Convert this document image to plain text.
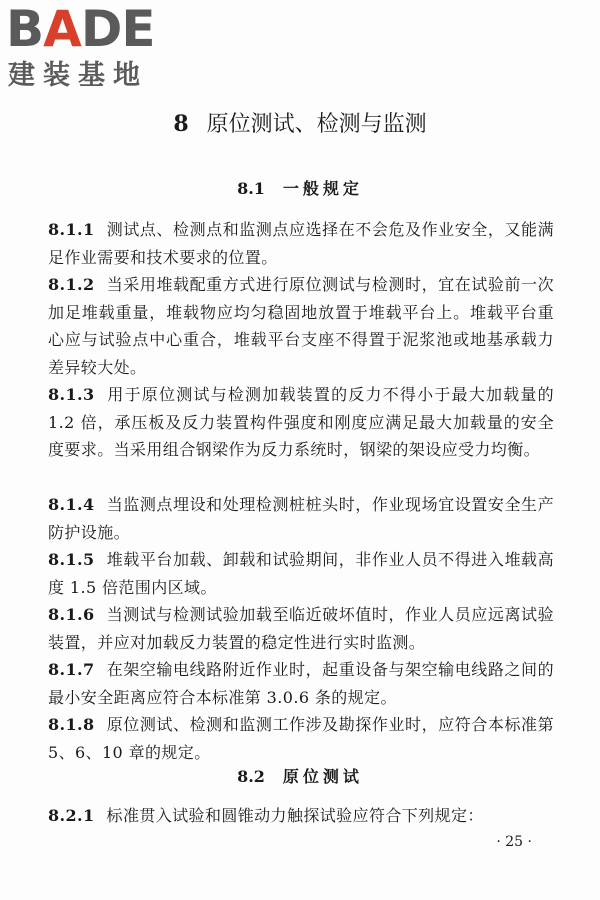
BADE
建装基地
8 原位测试、检测与监测
8.1 一般规定
8.1.1 测试点、检测点和监测点应选择在不会危及作业安全，又能满足作业需要和技术要求的位置。
8.1.2 当采用堆载配重方式进行原位测试与检测时，宜在试验前一次加足堆载重量，堆载物应均匀稳固地放置于堆载平台上。堆载平台重心应与试验点中心重合，堆载平台支座不得置于泥浆池或地基承载力差异较大处。
8.1.3 用于原位测试与检测加载装置的反力不得小于最大加载量的 1.2 倍，承压板及反力装置构件强度和刚度应满足最大加载量的安全度要求。当采用组合钢梁作为反力系统时，钢梁的架设应受力均衡。
8.1.4 当监测点埋设和处理检测桩桩头时，作业现场宜设置安全生产防护设施。
8.1.5 堆载平台加载、卸载和试验期间，非作业人员不得进入堆载高度 1.5 倍范围内区域。
8.1.6 当测试与检测试验加载至临近破坏值时，作业人员应远离试验装置，并应对加载反力装置的稳定性进行实时监测。
8.1.7 在架空输电线路附近作业时，起重设备与架空输电线路之间的最小安全距离应符合本标准第 3.0.6 条的规定。
8.1.8 原位测试、检测和监测工作涉及勘探作业时，应符合本标准第 5、6、10 章的规定。
8.2 原位测试
8.2.1 标准贯入试验和圆锥动力触探试验应符合下列规定：
· 25 ·
